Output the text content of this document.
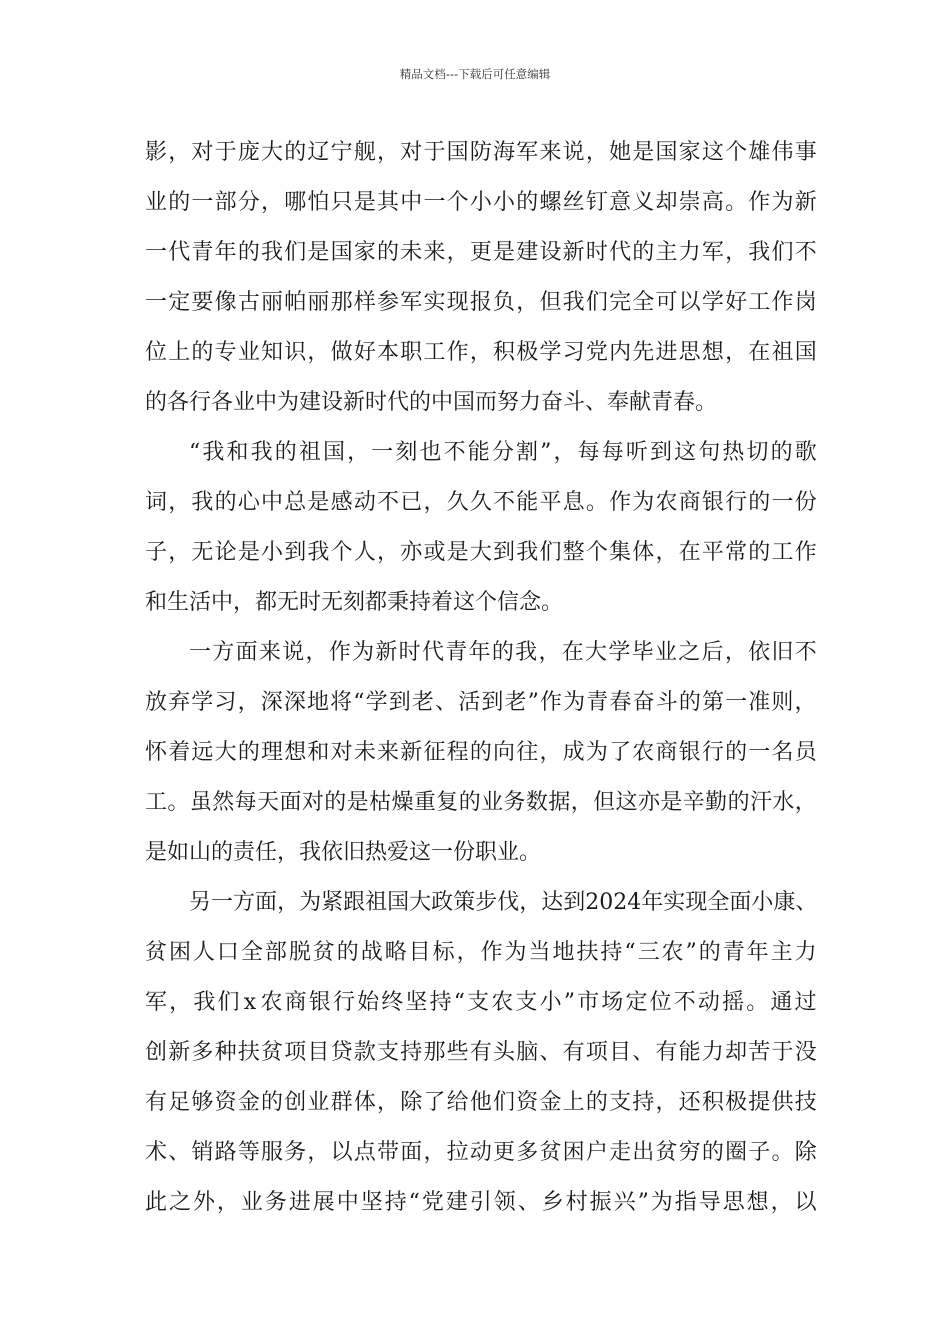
精品文档---下载后可任意编辑
影 ， 对 于 庞 大 的 辽 宁 舰 ， 对 于 国 防 海 军 来 说 ， 她 是 国 家 这 个 雄 伟 事
业 的 一 部 分 ， 哪 怕 只 是 其 中 一 个 小 小 的 螺 丝 钉 意 义 却 崇 高 。 作 为 新
一 代 青 年 的 我 们 是 国 家 的 未 来 ， 更 是 建 设 新 时 代 的 主 力 军 ， 我 们 不
一 定 要 像 古 丽 帕 丽 那 样 参 军 实 现 报 负 ， 但 我 们 完 全 可 以 学 好 工 作 岗
位 上 的 专 业 知 识 ， 做 好 本 职 工 作 ， 积 极 学 习 党 内 先 进 思 想 ， 在 祖 国
的各行各业中为建设新时代的中国而努力奋斗、奉献青春。
“ 我 和 我 的 祖 国 ， 一 刻 也 不 能 分 割 ” ， 每 每 听 到 这 句 热 切 的 歌
词 ， 我 的 心 中 总 是 感 动 不 已 ， 久 久 不 能 平 息 。 作 为 农 商 银 行 的 一 份
子 ， 无 论 是 小 到 我 个 人 ， 亦 或 是 大 到 我 们 整 个 集 体 ， 在 平 常 的 工 作
和生活中，都无时无刻都秉持着这个信念。
一 方 面 来 说 ， 作 为 新 时 代 青 年 的 我 ， 在 大 学 毕 业 之 后 ， 依 旧 不
放 弃 学 习 ， 深 深 地 将 “ 学 到 老 、 活 到 老 ” 作 为 青 春 奋 斗 的 第 一 准 则 ，
怀 着 远 大 的 理 想 和 对 未 来 新 征 程 的 向 往 ， 成 为 了 农 商 银 行 的 一 名 员
工 。 虽 然 每 天 面 对 的 是 枯 燥 重 复 的 业 务 数 据 ， 但 这 亦 是 辛 勤 的 汗 水 ，
是如山的责任，我依旧热爱这一份职业。
另 一 方 面 ， 为 紧 跟 祖 国 大 政 策 步 伐 ， 达 到 2 0 2 4 年 实 现 全 面 小 康 、
贫 困 人 口 全 部 脱 贫 的 战 略 目 标 ， 作 为 当 地 扶 持 “ 三 农 ” 的 青 年 主 力
军 ， 我 们 x 农 商 银 行 始 终 坚 持 “ 支 农 支 小 ” 市 场 定 位 不 动 摇 。 通 过
创 新 多 种 扶 贫 项 目 贷 款 支 持 那 些 有 头 脑 、 有 项 目 、 有 能 力 却 苦 于 没
有 足 够 资 金 的 创 业 群 体 ， 除 了 给 他 们 资 金 上 的 支 持 ， 还 积 极 提 供 技
术 、 销 路 等 服 务 ， 以 点 带 面 ， 拉 动 更 多 贫 困 户 走 出 贫 穷 的 圈 子 。 除
此 之 外 ， 业 务 进 展 中 坚 持 “ 党 建 引 领 、 乡 村 振 兴 ” 为 指 导 思 想 ， 以
